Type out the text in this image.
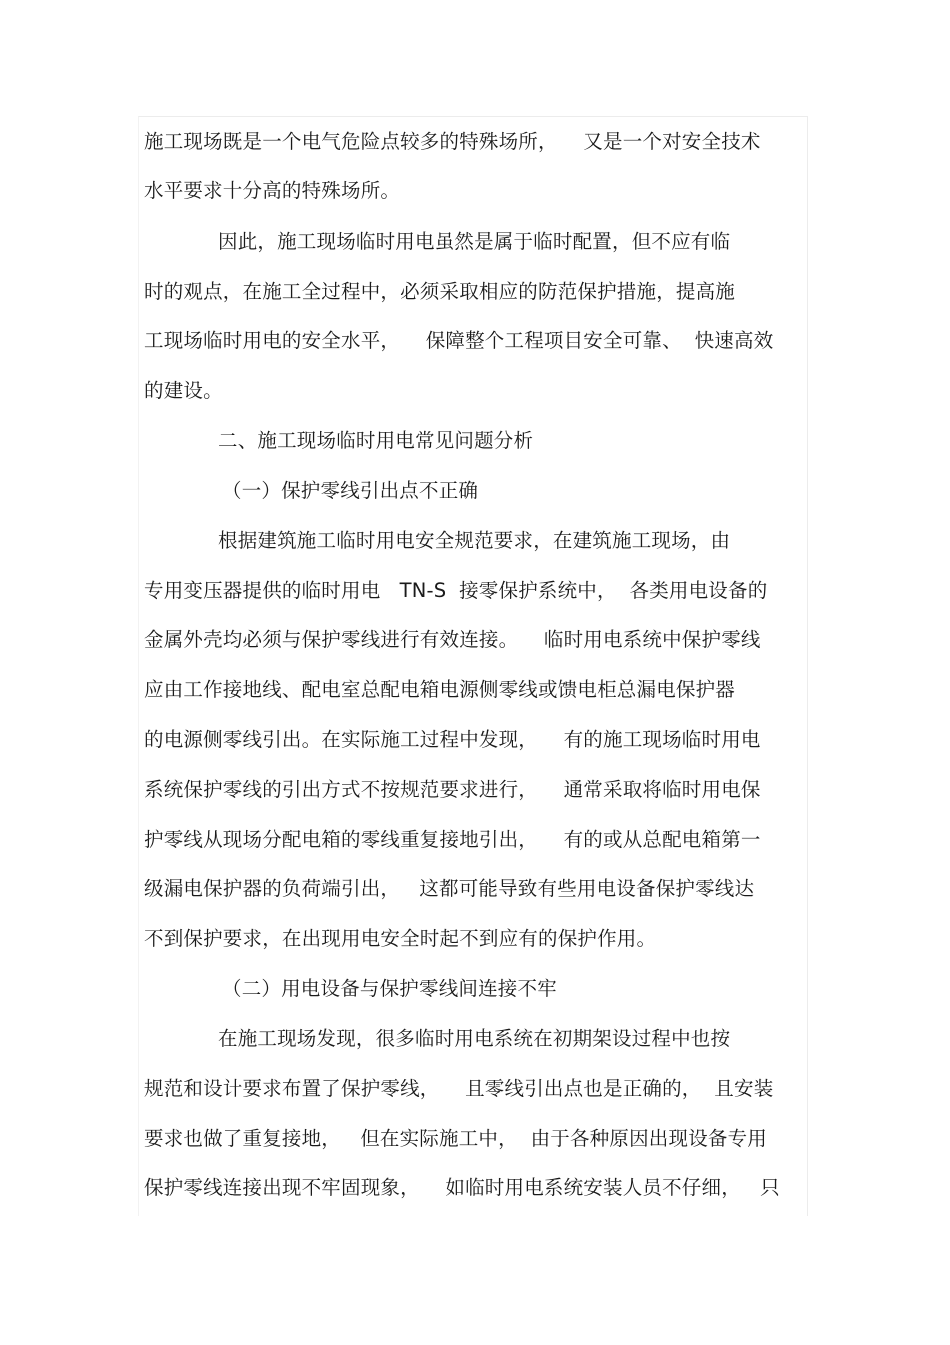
施工现场既是一个电气危险点较多的特殊场所，    又是一个对安全技术
水平要求十分高的特殊场所。
因此，施工现场临时用电虽然是属于临时配置，但不应有临
时的观点，在施工全过程中，必须采取相应的防范保护措施，提高施
工现场临时用电的安全水平，    保障整个工程项目安全可靠、  快速高效
的建设。
二、施工现场临时用电常见问题分析
（一）保护零线引出点不正确
根据建筑施工临时用电安全规范要求，在建筑施工现场，由
专用变压器提供的临时用电   TN-S  接零保护系统中，  各类用电设备的
金属外壳均必须与保护零线进行有效连接。    临时用电系统中保护零线
应由工作接地线、配电室总配电箱电源侧零线或馈电柜总漏电保护器
的电源侧零线引出。在实际施工过程中发现，    有的施工现场临时用电
系统保护零线的引出方式不按规范要求进行，    通常采取将临时用电保
护零线从现场分配电箱的零线重复接地引出，    有的或从总配电箱第一
级漏电保护器的负荷端引出，   这都可能导致有些用电设备保护零线达
不到保护要求，在出现用电安全时起不到应有的保护作用。
（二）用电设备与保护零线间连接不牢
在施工现场发现，很多临时用电系统在初期架设过程中也按
规范和设计要求布置了保护零线，    且零线引出点也是正确的，  且安装
要求也做了重复接地，   但在实际施工中，  由于各种原因出现设备专用
保护零线连接出现不牢固现象，    如临时用电系统安装人员不仔细，   只
